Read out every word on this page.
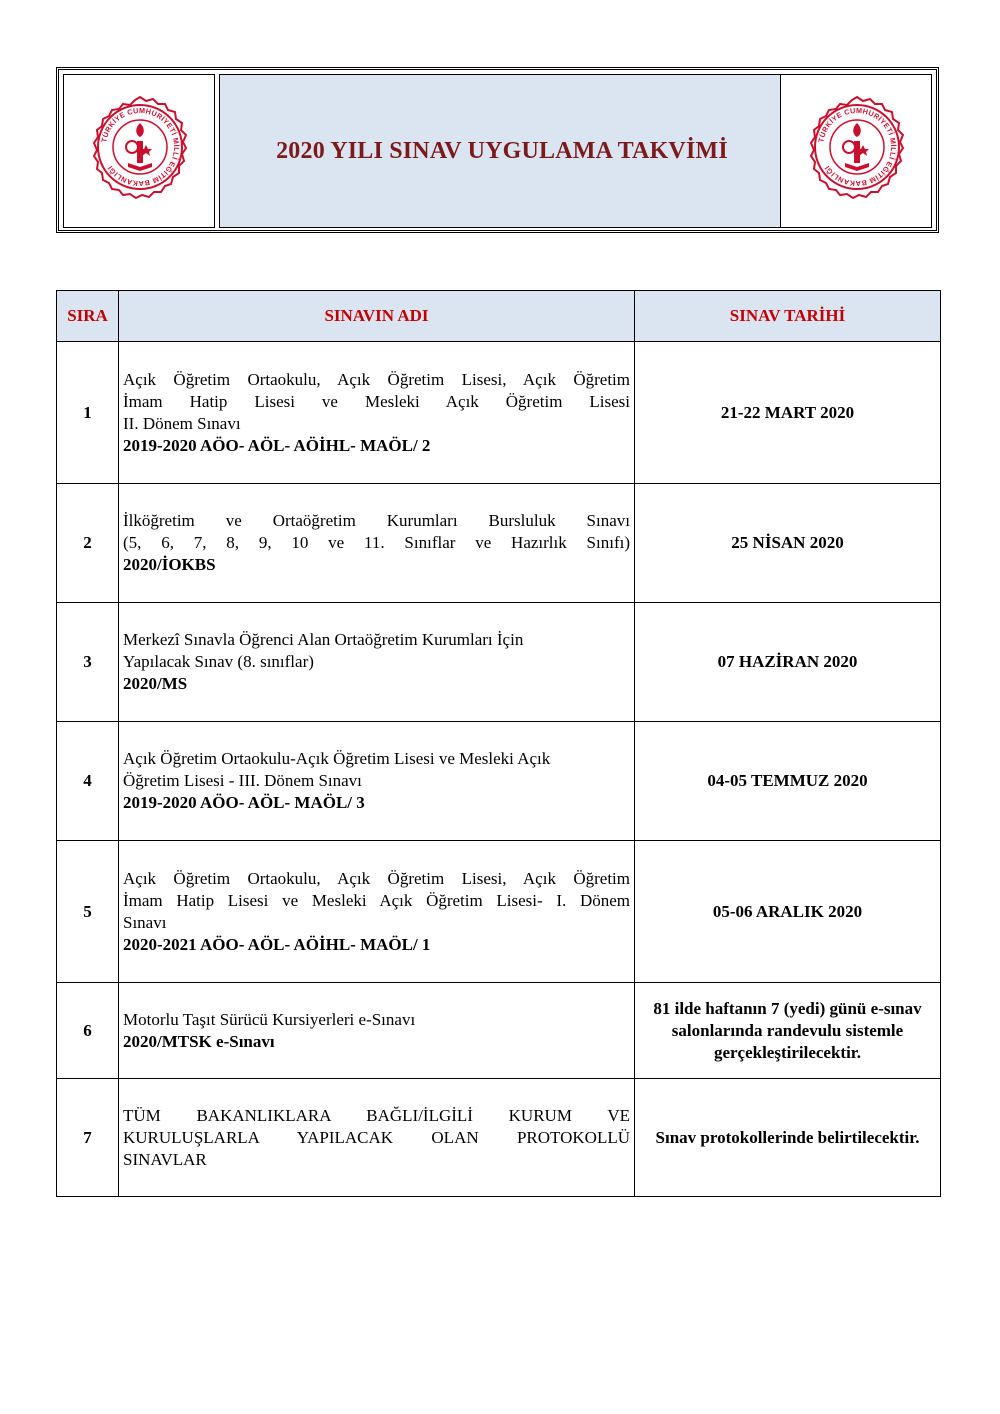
TÜRKİYE CUMHURİYETİ MİLLÎ EĞİTİM BAKANLIĞI
2020 YILI SINAV UYGULAMA TAKVİMİ	TÜRKİYE CUMHURİYETİ MİLLÎ EĞİTİM BAKANLIĞI
SIRA	SINAVIN ADI	SINAV TARİHİ
1	Açık Öğretim Ortaokulu, Açık Öğretim Lisesi, Açık Öğretim
İmam Hatip Lisesi ve Mesleki Açık Öğretim Lisesi
II. Dönem Sınavı
2019-2020 AÖO- AÖL- AÖİHL- MAÖL/ 2	21-22 MART 2020
2	İlköğretim ve Ortaöğretim Kurumları Bursluluk Sınavı
(5, 6, 7, 8, 9, 10 ve 11. Sınıflar ve Hazırlık Sınıfı)
2020/İOKBS	25 NİSAN 2020
3	Merkezî Sınavla Öğrenci Alan Ortaöğretim Kurumları İçin
Yapılacak Sınav (8. sınıflar)
2020/MS	07 HAZİRAN 2020
4	Açık Öğretim Ortaokulu-Açık Öğretim Lisesi ve Mesleki Açık
Öğretim Lisesi - III. Dönem Sınavı
2019-2020 AÖO- AÖL- MAÖL/ 3	04-05 TEMMUZ 2020
5	Açık Öğretim Ortaokulu, Açık Öğretim Lisesi, Açık Öğretim
İmam Hatip Lisesi ve Mesleki Açık Öğretim Lisesi- I. Dönem
Sınavı
2020-2021 AÖO- AÖL- AÖİHL- MAÖL/ 1	05-06 ARALIK 2020
6	Motorlu Taşıt Sürücü Kursiyerleri e-Sınavı
2020/MTSK e-Sınavı	81 ilde haftanın 7 (yedi) günü e-sınav salonlarında randevulu sistemle gerçekleştirilecektir.
7	TÜM BAKANLIKLARA BAĞLI/İLGİLİ KURUM VE
KURULUŞLARLA YAPILACAK OLAN PROTOKOLLÜ
SINAVLAR	Sınav protokollerinde belirtilecektir.
